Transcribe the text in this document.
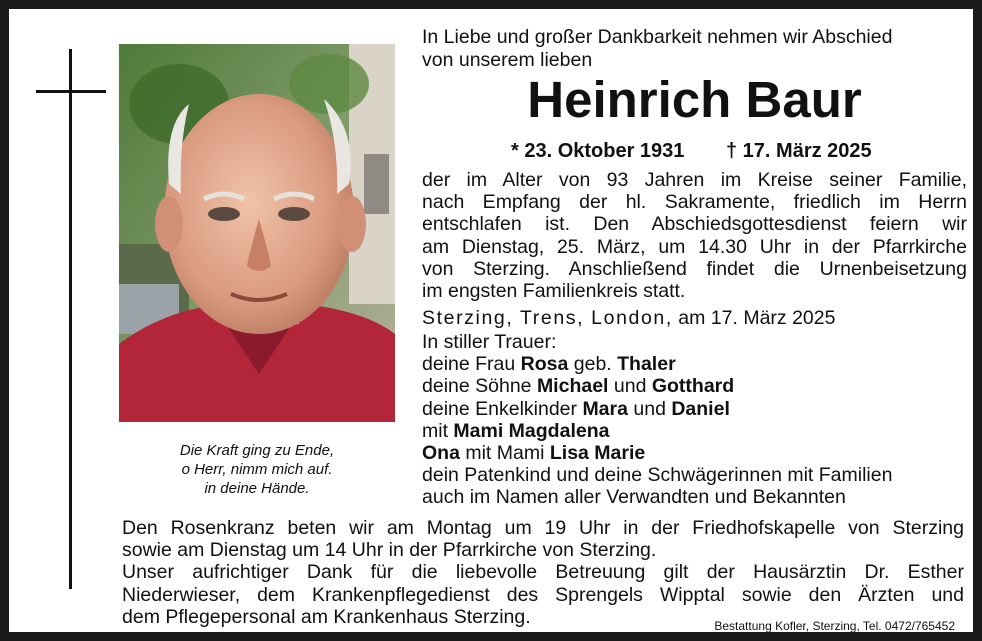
Die Kraft ging zu Ende,
o Herr, nimm mich auf.
in deine Hände.
In Liebe und großer Dankbarkeit nehmen wir Abschied
von unserem lieben
Heinrich Baur
* 23. Oktober 1931 † 17. März 2025
der im Alter von 93 Jahren im Kreise seiner Familie,
nach Empfang der hl. Sakramente, friedlich im Herrn
entschlafen ist. Den Abschiedsgottesdienst feiern wir
am Dienstag, 25. März, um 14.30 Uhr in der Pfarrkirche
von Sterzing. Anschließend findet die Urnenbeisetzung
im engsten Familienkreis statt.
Sterzing, Trens, London, am 17. März 2025
In stiller Trauer:
deine Frau Rosa geb. Thaler
deine Söhne Michael und Gotthard
deine Enkelkinder Mara und Daniel
mit Mami Magdalena
Ona mit Mami Lisa Marie
dein Patenkind und deine Schwägerinnen mit Familien
auch im Namen aller Verwandten und Bekannten
Den Rosenkranz beten wir am Montag um 19 Uhr in der Friedhofskapelle von Sterzing
sowie am Dienstag um 14 Uhr in der Pfarrkirche von Sterzing.
Unser aufrichtiger Dank für die liebevolle Betreuung gilt der Hausärztin Dr. Esther
Niederwieser, dem Krankenpflegedienst des Sprengels Wipptal sowie den Ärzten und
dem Pflegepersonal am Krankenhaus Sterzing.	Bestattung Kofler, Sterzing, Tel. 0472/765452
